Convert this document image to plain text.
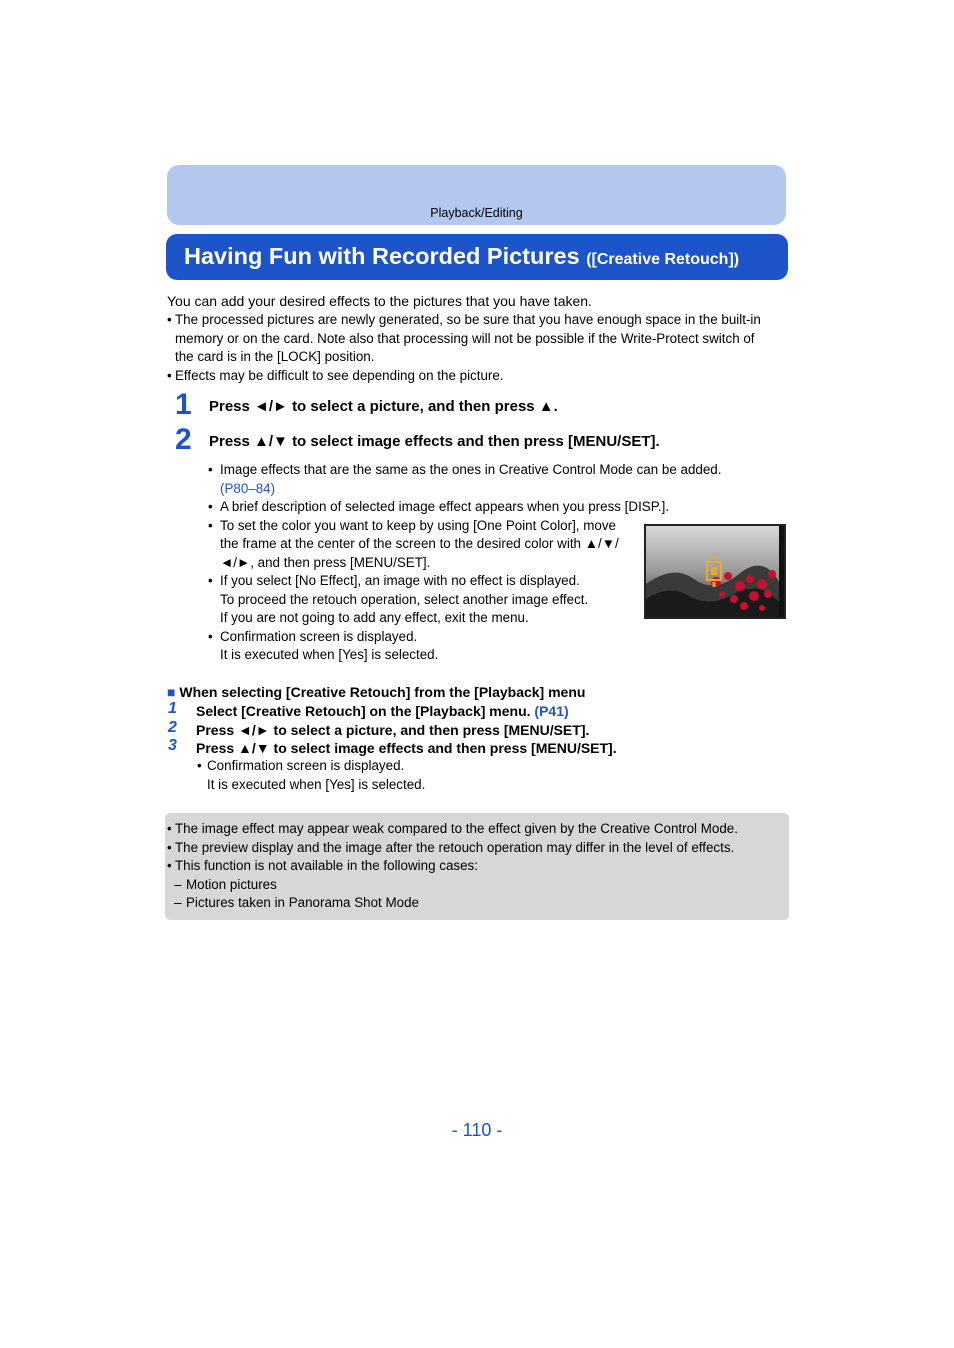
Playback/Editing
Having Fun with Recorded Pictures ([Creative Retouch])
You can add your desired effects to the pictures that you have taken.
• The processed pictures are newly generated, so be sure that you have enough space in the built-in
memory or on the card. Note also that processing will not be possible if the Write-Protect switch of
the card is in the [LOCK] position.
• Effects may be difficult to see depending on the picture.
1 Press ◄/► to select a picture, and then press ▲.
2 Press ▲/▼ to select image effects and then press [MENU/SET].
• Image effects that are the same as the ones in Creative Control Mode can be added.
(P80–84)
• A brief description of selected image effect appears when you press [DISP.].
• To set the color you want to keep by using [One Point Color], move
the frame at the center of the screen to the desired color with ▲/▼/
◄/►, and then press [MENU/SET].
• If you select [No Effect], an image with no effect is displayed.
To proceed the retouch operation, select another image effect.
If you are not going to add any effect, exit the menu.
• Confirmation screen is displayed.
It is executed when [Yes] is selected.
■ When selecting [Creative Retouch] from the [Playback] menu
1 Select [Creative Retouch] on the [Playback] menu. (P41)
2 Press ◄/► to select a picture, and then press [MENU/SET].
3 Press ▲/▼ to select image effects and then press [MENU/SET].
• Confirmation screen is displayed.
It is executed when [Yes] is selected.
• The image effect may appear weak compared to the effect given by the Creative Control Mode.
• The preview display and the image after the retouch operation may differ in the level of effects.
• This function is not available in the following cases:
– Motion pictures
– Pictures taken in Panorama Shot Mode
- 110 -
